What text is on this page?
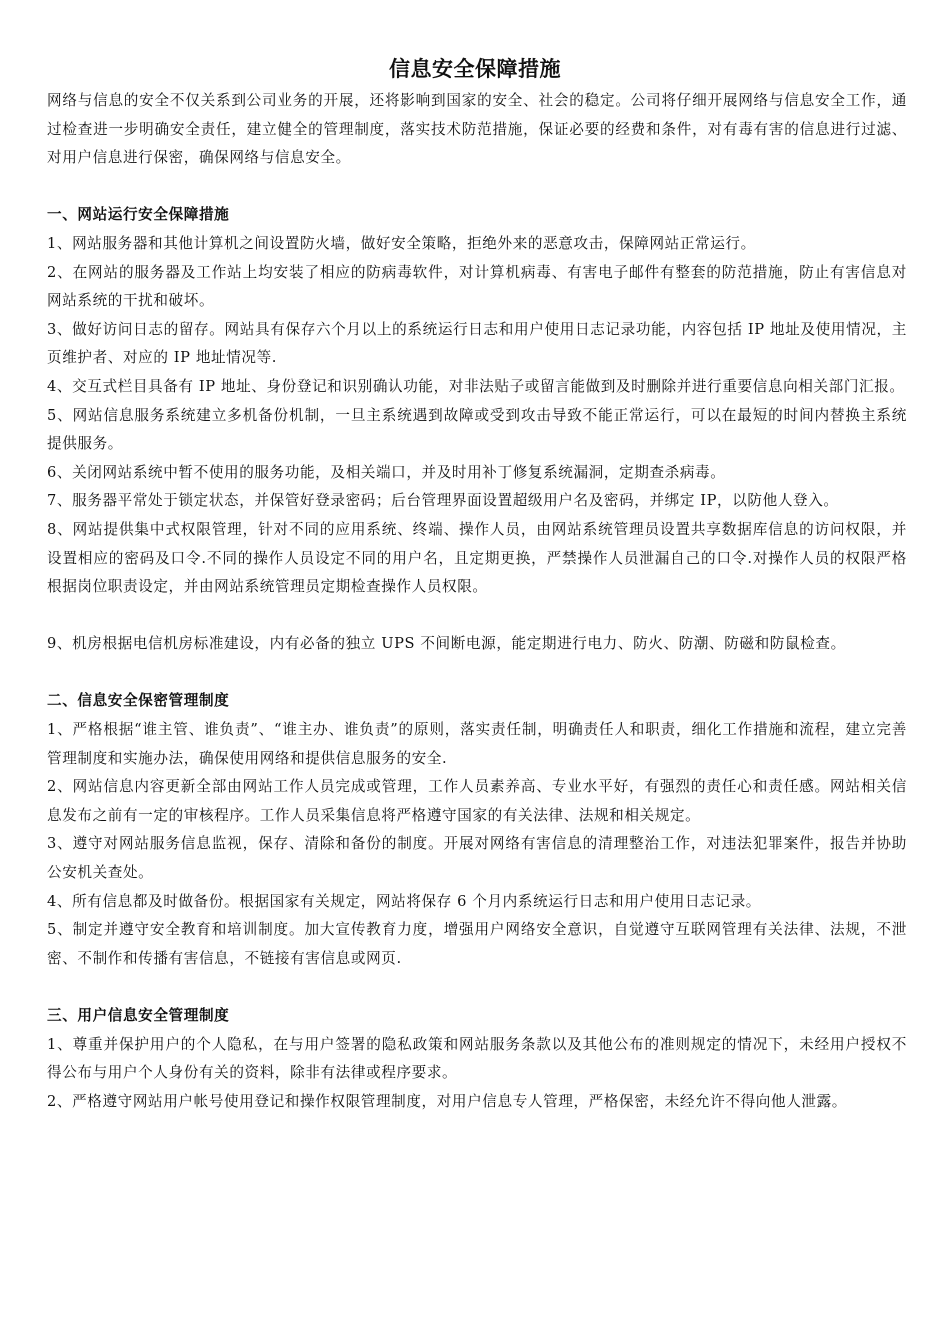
信息安全保障措施

网络与信息的安全不仅关系到公司业务的开展，还将影响到国家的安全、社会的稳定。公司将仔细开展网络与信息安全工作，通过检查进一步明确安全责任，建立健全的管理制度，落实技术防范措施，保证必要的经费和条件，对有毒有害的信息进行过滤、对用户信息进行保密，确保网络与信息安全。

一、网站运行安全保障措施

1、网站服务器和其他计算机之间设置防火墙，做好安全策略，拒绝外来的恶意攻击，保障网站正常运行。

2、在网站的服务器及工作站上均安装了相应的防病毒软件，对计算机病毒、有害电子邮件有整套的防范措施，防止有害信息对网站系统的干扰和破坏。

3、做好访问日志的留存。网站具有保存六个月以上的系统运行日志和用户使用日志记录功能，内容包括 IP 地址及使用情况，主页维护者、对应的 IP 地址情况等.

4、交互式栏目具备有 IP 地址、身份登记和识别确认功能，对非法贴子或留言能做到及时删除并进行重要信息向相关部门汇报。

5、网站信息服务系统建立多机备份机制，一旦主系统遇到故障或受到攻击导致不能正常运行，可以在最短的时间内替换主系统提供服务。

6、关闭网站系统中暂不使用的服务功能，及相关端口，并及时用补丁修复系统漏洞，定期查杀病毒。

7、服务器平常处于锁定状态，并保管好登录密码；后台管理界面设置超级用户名及密码，并绑定 IP，以防他人登入。

8、网站提供集中式权限管理，针对不同的应用系统、终端、操作人员，由网站系统管理员设置共享数据库信息的访问权限，并设置相应的密码及口令.不同的操作人员设定不同的用户名，且定期更换，严禁操作人员泄漏自己的口令.对操作人员的权限严格根据岗位职责设定，并由网站系统管理员定期检查操作人员权限。

9、机房根据电信机房标准建设，内有必备的独立 UPS 不间断电源，能定期进行电力、防火、防潮、防磁和防鼠检查。

二、信息安全保密管理制度

1、严格根据“谁主管、谁负责”、“谁主办、谁负责”的原则，落实责任制，明确责任人和职责，细化工作措施和流程，建立完善管理制度和实施办法，确保使用网络和提供信息服务的安全.

2、网站信息内容更新全部由网站工作人员完成或管理，工作人员素养高、专业水平好，有强烈的责任心和责任感。网站相关信息发布之前有一定的审核程序。工作人员采集信息将严格遵守国家的有关法律、法规和相关规定。

3、遵守对网站服务信息监视，保存、清除和备份的制度。开展对网络有害信息的清理整治工作，对违法犯罪案件，报告并协助公安机关查处。

4、所有信息都及时做备份。根据国家有关规定，网站将保存 6 个月内系统运行日志和用户使用日志记录。

5、制定并遵守安全教育和培训制度。加大宣传教育力度，增强用户网络安全意识，自觉遵守互联网管理有关法律、法规，不泄密、不制作和传播有害信息，不链接有害信息或网页.

三、用户信息安全管理制度

1、尊重并保护用户的个人隐私，在与用户签署的隐私政策和网站服务条款以及其他公布的准则规定的情况下，未经用户授权不得公布与用户个人身份有关的资料，除非有法律或程序要求。

2、严格遵守网站用户帐号使用登记和操作权限管理制度，对用户信息专人管理，严格保密，未经允许不得向他人泄露。
